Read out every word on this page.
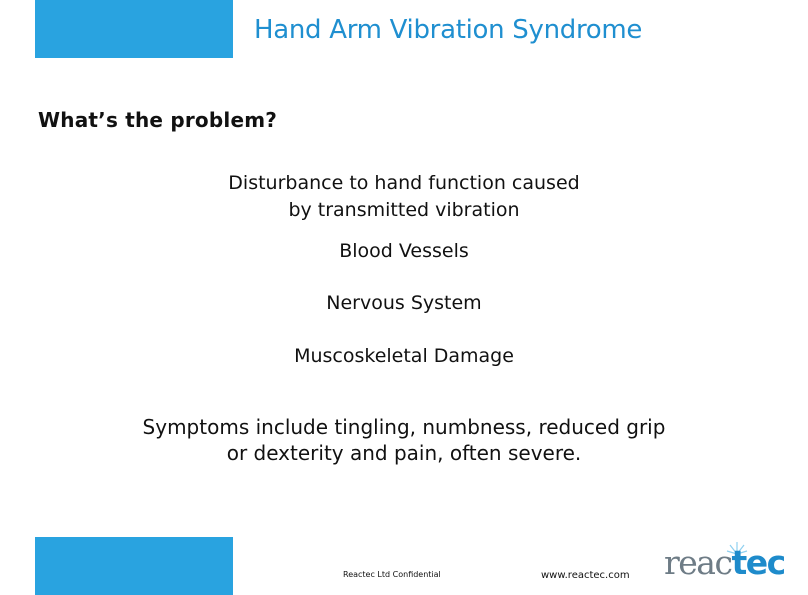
Hand Arm Vibration Syndrome
What’s the problem?
Disturbance to hand function caused
by transmitted vibration
Blood Vessels
Nervous System
Muscoskeletal Damage
Symptoms include tingling, numbness, reduced grip
or dexterity and pain, often severe.
Reactec Ltd Confidential	www.reactec.com reactec
